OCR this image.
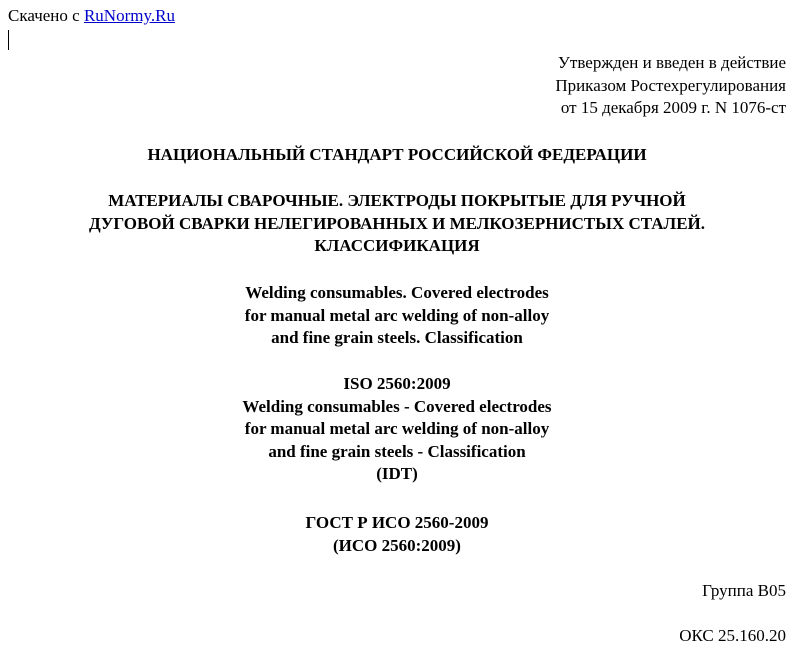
Скачено с RuNormy.Ru
Утвержден и введен в действие
Приказом Ростехрегулирования
от 15 декабря 2009 г. N 1076-ст
НАЦИОНАЛЬНЫЙ СТАНДАРТ РОССИЙСКОЙ ФЕДЕРАЦИИ
МАТЕРИАЛЫ СВАРОЧНЫЕ. ЭЛЕКТРОДЫ ПОКРЫТЫЕ ДЛЯ РУЧНОЙ
ДУГОВОЙ СВАРКИ НЕЛЕГИРОВАННЫХ И МЕЛКОЗЕРНИСТЫХ СТАЛЕЙ.
КЛАССИФИКАЦИЯ
Welding consumables. Covered electrodes
for manual metal arc welding of non-alloy
and fine grain steels. Classification
ISO 2560:2009
Welding consumables - Covered electrodes
for manual metal arc welding of non-alloy
and fine grain steels - Classification
(IDT)
ГОСТ Р ИСО 2560-2009
(ИСО 2560:2009)
Группа В05
ОКС 25.160.20
